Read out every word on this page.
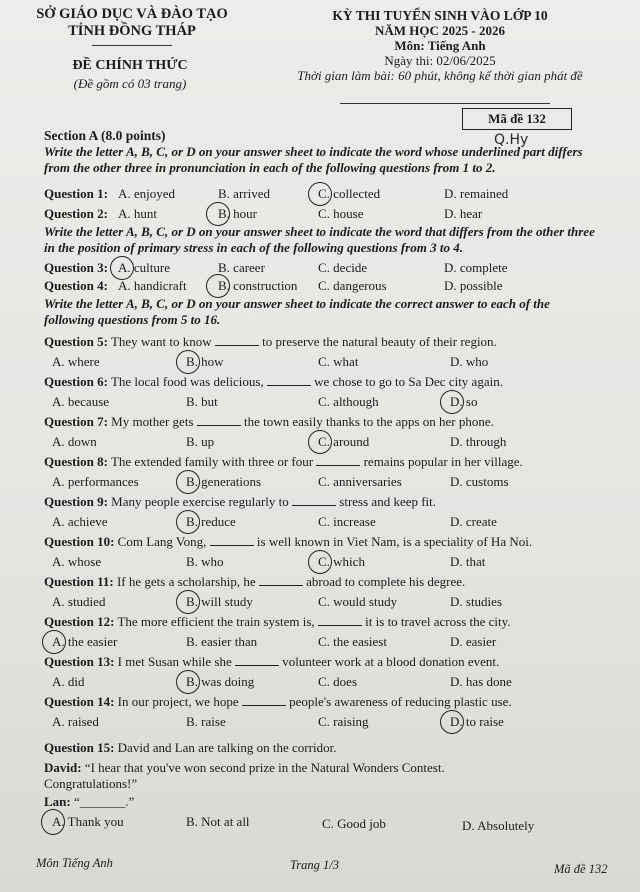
SỞ GIÁO DỤC VÀ ĐÀO TẠO
TỈNH ĐỒNG THÁP
ĐỀ CHÍNH THỨC
(Đề gồm có 03 trang)
KỲ THI TUYỂN SINH VÀO LỚP 10
NĂM HỌC 2025 - 2026
Môn: Tiếng Anh
Ngày thi: 02/06/2025
Thời gian làm bài: 60 phút, không kể thời gian phát đề
Mã đề 132
Q.Hy
Section A (8.0 points)
Write the letter A, B, C, or D on your answer sheet to indicate the word whose underlined part differs from the other three in pronunciation in each of the following questions from 1 to 2.
Question 1: A. enjoyed	B. arrived	C. collected	D. remained
Question 2: A. hunt	B. hour	C. house	D. hear
Write the letter A, B, C, or D on your answer sheet to indicate the word that differs from the other three in the position of primary stress in each of the following questions from 3 to 4.
Question 3: A. culture	B. career	C. decide	D. complete
Question 4: A. handicraft B. construction C. dangerous	D. possible
Write the letter A, B, C, or D on your answer sheet to indicate the correct answer to each of the following questions from 5 to 16.
Question 5: They want to know	to preserve the natural beauty of their region.
A. where	B. how	C. what	D. who
Question 6: The local food was delicious,	we chose to go to Sa Dec city again.
A. because	B. but	C. although	D. so
Question 7: My mother gets	the town easily thanks to the apps on her phone.
A. down	B. up	C. around	D. through
Question 8: The extended family with three or four	remains popular in her village.
A. performances	B. generations	C. anniversaries	D. customs
Question 9: Many people exercise regularly to	stress and keep fit.
A. achieve	B. reduce	C. increase	D. create
Question 10: Com Lang Vong,	is well known in Viet Nam, is a speciality of Ha Noi.
A. whose	B. who	C. which	D. that
Question 11: If he gets a scholarship, he	abroad to complete his degree.
A. studied	B. will study	C. would study	D. studies
Question 12: The more efficient the train system is,	it is to travel across the city.
A. the easier	B. easier than	C. the easiest	D. easier
Question 13: I met Susan while she	volunteer work at a blood donation event.
A. did	B. was doing	C. does	D. has done
Question 14: In our project, we hope	people's awareness of reducing plastic use.
A. raised	B. raise	C. raising	D. to raise
Question 15: David and Lan are talking on the corridor.
David: “I hear that you've won second prize in the Natural Wonders Contest.
Congratulations!”
Lan: “_______.”
A. Thank you	B. Not at all	C. Good job	D. Absolutely
Môn Tiếng Anh	Trang 1/3	Mã đề 132
